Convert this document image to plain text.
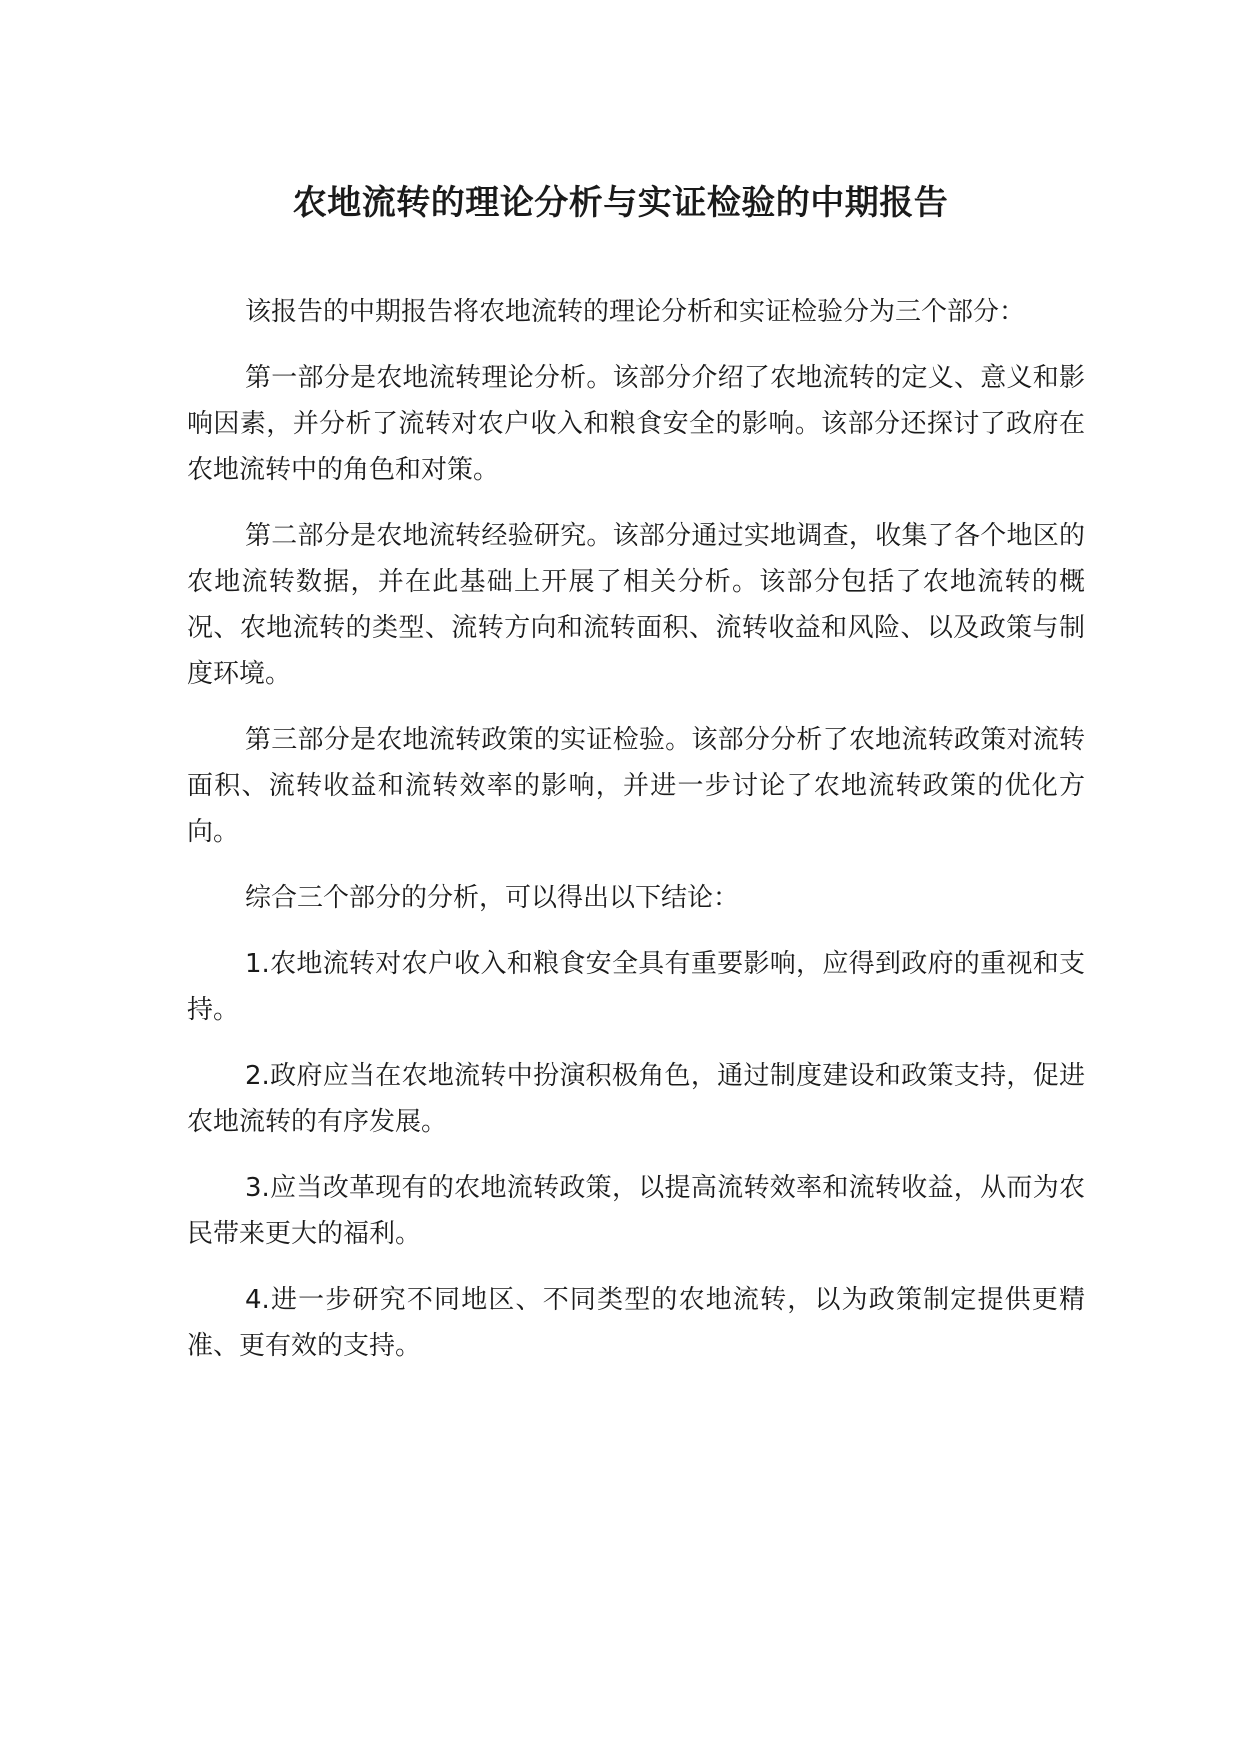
农地流转的理论分析与实证检验的中期报告

该报告的中期报告将农地流转的理论分析和实证检验分为三个部分：

第一部分是农地流转理论分析。该部分介绍了农地流转的定义、意义和影响因素，并分析了流转对农户收入和粮食安全的影响。该部分还探讨了政府在农地流转中的角色和对策。

第二部分是农地流转经验研究。该部分通过实地调查，收集了各个地区的农地流转数据，并在此基础上开展了相关分析。该部分包括了农地流转的概况、农地流转的类型、流转方向和流转面积、流转收益和风险、以及政策与制度环境。

第三部分是农地流转政策的实证检验。该部分分析了农地流转政策对流转面积、流转收益和流转效率的影响，并进一步讨论了农地流转政策的优化方向。

综合三个部分的分析，可以得出以下结论：

1.农地流转对农户收入和粮食安全具有重要影响，应得到政府的重视和支持。

2.政府应当在农地流转中扮演积极角色，通过制度建设和政策支持，促进农地流转的有序发展。

3.应当改革现有的农地流转政策，以提高流转效率和流转收益，从而为农民带来更大的福利。

4.进一步研究不同地区、不同类型的农地流转，以为政策制定提供更精准、更有效的支持。
